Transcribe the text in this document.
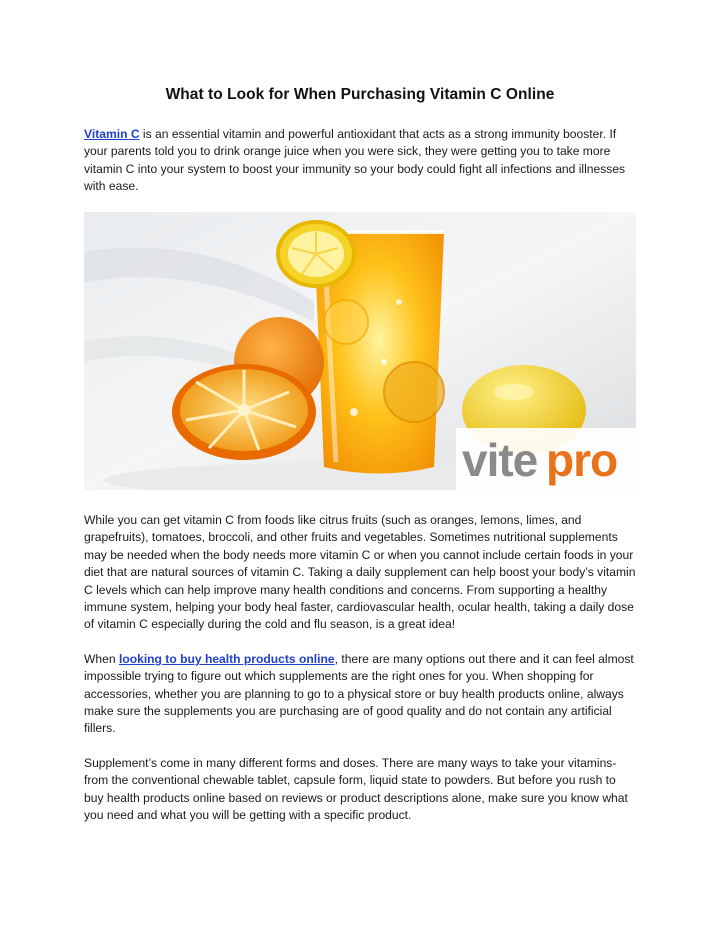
What to Look for When Purchasing Vitamin C Online

Vitamin C is an essential vitamin and powerful antioxidant that acts as a strong immunity booster. If your parents told you to drink orange juice when you were sick, they were getting you to take more vitamin C into your system to boost your immunity so your body could fight all infections and illnesses with ease.

vite pro

While you can get vitamin C from foods like citrus fruits (such as oranges, lemons, limes, and grapefruits), tomatoes, broccoli, and other fruits and vegetables. Sometimes nutritional supplements may be needed when the body needs more vitamin C or when you cannot include certain foods in your diet that are natural sources of vitamin C. Taking a daily supplement can help boost your body’s vitamin C levels which can help improve many health conditions and concerns. From supporting a healthy immune system, helping your body heal faster, cardiovascular health, ocular health, taking a daily dose of vitamin C especially during the cold and flu season, is a great idea!

When looking to buy health products online, there are many options out there and it can feel almost impossible trying to figure out which supplements are the right ones for you. When shopping for accessories, whether you are planning to go to a physical store or buy health products online, always make sure the supplements you are purchasing are of good quality and do not contain any artificial fillers.

Supplement’s come in many different forms and doses. There are many ways to take your vitamins- from the conventional chewable tablet, capsule form, liquid state to powders. But before you rush to buy health products online based on reviews or product descriptions alone, make sure you know what you need and what you will be getting with a specific product.
